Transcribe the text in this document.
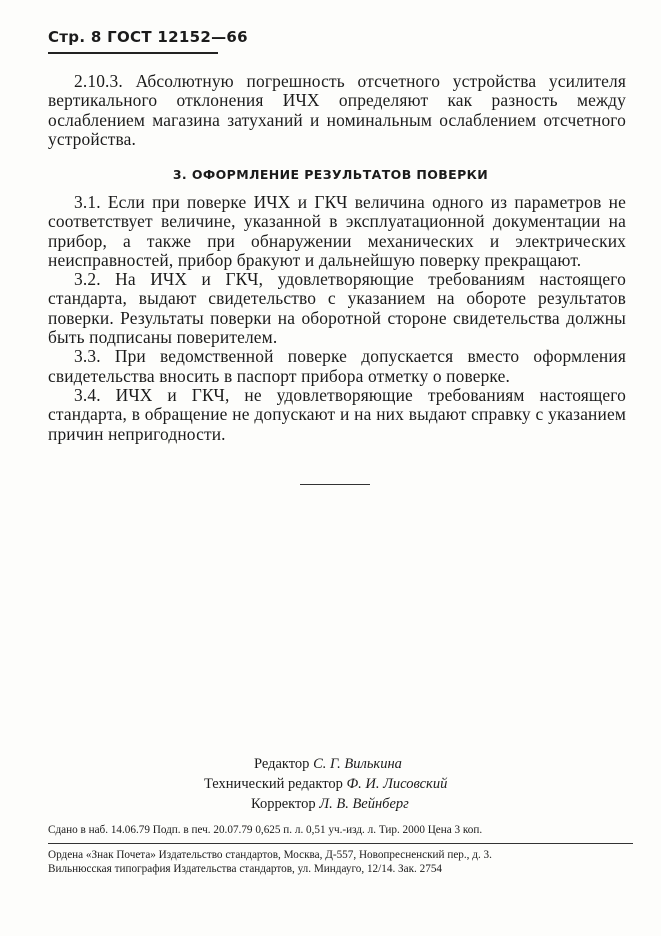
Стр. 8 ГОСТ 12152—66

2.10.3. Абсолютную погрешность отсчетного устройства усилителя вертикального отклонения ИЧХ определяют как разность между ослаблением магазина затуханий и номинальным ослаблением отсчетного устройства.

3. ОФОРМЛЕНИЕ РЕЗУЛЬТАТОВ ПОВЕРКИ

3.1. Если при поверке ИЧХ и ГКЧ величина одного из параметров не соответствует величине, указанной в эксплуатационной документации на прибор, а также при обнаружении механических и электрических неисправностей, прибор бракуют и дальнейшую поверку прекращают.

3.2. На ИЧХ и ГКЧ, удовлетворяющие требованиям настоящего стандарта, выдают свидетельство с указанием на обороте результатов поверки. Результаты поверки на оборотной стороне свидетельства должны быть подписаны поверителем.

3.3. При ведомственной поверке допускается вместо оформления свидетельства вносить в паспорт прибора отметку о поверке.

3.4. ИЧХ и ГКЧ, не удовлетворяющие требованиям настоящего стандарта, в обращение не допускают и на них выдают справку с указанием причин непригодности.

Редактор С. Г. Вилькина
Технический редактор Ф. И. Лисовский
Корректор Л. В. Вейнберг
Сдано в наб. 14.06.79 Подп. в печ. 20.07.79 0,625 п. л. 0,51 уч.-изд. л. Тир. 2000 Цена 3 коп.
Ордена «Знак Почета» Издательство стандартов, Москва, Д-557, Новопресненский пер., д. 3.
Вильнюсская типография Издательства стандартов, ул. Миндауго, 12/14. Зак. 2754
